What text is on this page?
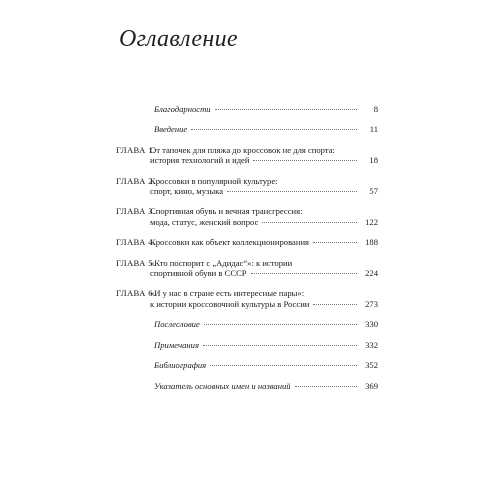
Оглавление
Благодарности	8
Введение	11
ГЛАВА 1.
От тапочек для пляжа до кроссовок не для спорта:
история технологий и идей	18
ГЛАВА 2.
Кроссовки в популярной культуре:
спорт, кино, музыка	57
ГЛАВА 3.
Спортивная обувь и вечная трансгрессия:
мода, статус, женский вопрос	122
ГЛАВА 4.
Кроссовки как объект коллекционирования	188
ГЛАВА 5.
«Кто поспорит с „Адидас“»: к истории
спортивной обуви в СССР	224
ГЛАВА 6.
«И у нас в стране есть интересные пары»:
к истории кроссовочной культуры в России	273
Послесловие	330
Примечания	332
Библиография	352
Указатель основных имен и названий	369
